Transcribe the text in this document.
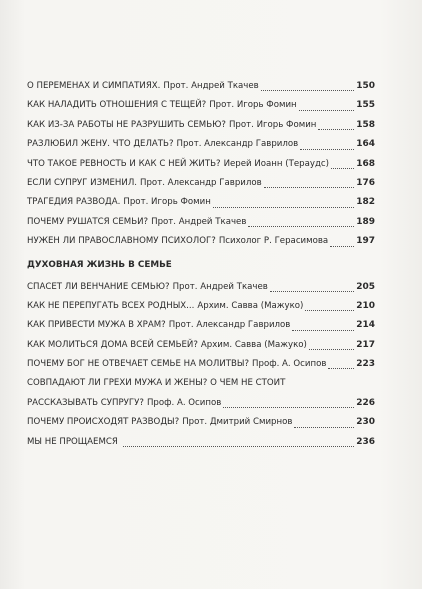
О ПЕРЕМЕНАХ И СИМПАТИЯХ. Прот. Андрей Ткачев	150
КАК НАЛАДИТЬ ОТНОШЕНИЯ С ТЕЩЕЙ? Прот. Игорь Фомин	155
КАК ИЗ-ЗА РАБОТЫ НЕ РАЗРУШИТЬ СЕМЬЮ? Прот. Игорь Фомин	158
РАЗЛЮБИЛ ЖЕНУ. ЧТО ДЕЛАТЬ? Прот. Александр Гаврилов	164
ЧТО ТАКОЕ РЕВНОСТЬ И КАК С НЕЙ ЖИТЬ? Иерей Иоанн (Тераудс)	168
ЕСЛИ СУПРУГ ИЗМЕНИЛ. Прот. Александр Гаврилов	176
ТРАГЕДИЯ РАЗВОДА. Прот. Игорь Фомин	182
ПОЧЕМУ РУШАТСЯ СЕМЬИ? Прот. Андрей Ткачев	189
НУЖЕН ЛИ ПРАВОСЛАВНОМУ ПСИХОЛОГ? Психолог Р. Герасимова	197
ДУХОВНАЯ ЖИЗНЬ В СЕМЬЕ
СПАСЕТ ЛИ ВЕНЧАНИЕ СЕМЬЮ? Прот. Андрей Ткачев	205
КАК НЕ ПЕРЕПУГАТЬ ВСЕХ РОДНЫХ... Архим. Савва (Мажуко)	210
КАК ПРИВЕСТИ МУЖА В ХРАМ? Прот. Александр Гаврилов	214
КАК МОЛИТЬСЯ ДОМА ВСЕЙ СЕМЬЕЙ? Архим. Савва (Мажуко)	217
ПОЧЕМУ БОГ НЕ ОТВЕЧАЕТ СЕМЬЕ НА МОЛИТВЫ? Проф. А. Осипов	223
СОВПАДАЮТ ЛИ ГРЕХИ МУЖА И ЖЕНЫ? О ЧЕМ НЕ СТОИТ
РАССКАЗЫВАТЬ СУПРУГУ? Проф. А. Осипов	226
ПОЧЕМУ ПРОИСХОДЯТ РАЗВОДЫ? Прот. Дмитрий Смирнов	230
МЫ НЕ ПРОЩАЕМСЯ	236
